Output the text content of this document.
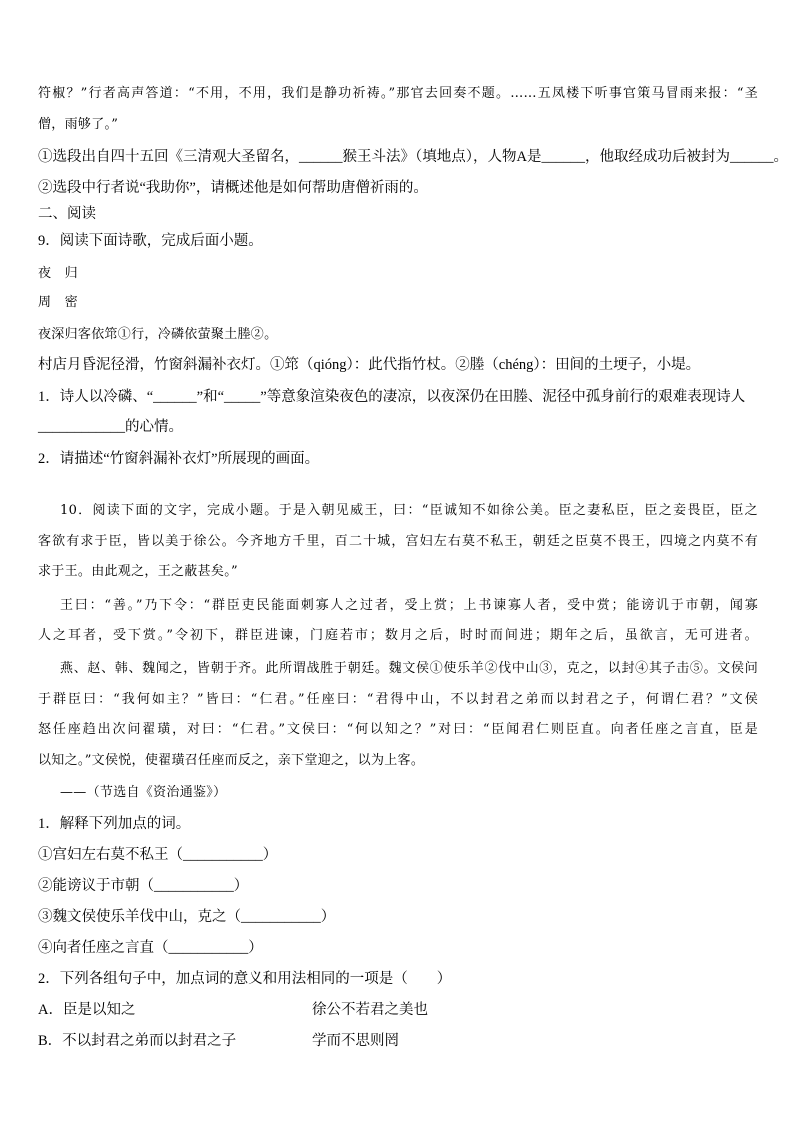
符椒？”行者高声答道：“不用，不用，我们是静功祈祷。”那官去回奏不题。……五凤楼下听事官策马冒雨来报：“圣
僧，雨够了。”
①选段出自四十五回《三清观大圣留名，______猴王斗法》（填地点），人物A是______，他取经成功后被封为______。
②选段中行者说“我助你”，请概述他是如何帮助唐僧祈雨的。
二、阅读
9．阅读下面诗歌，完成后面小题。
夜　归
周　密
夜深归客依筇①行，冷磷依萤聚土塍②。
村店月昏泥径滑，竹窗斜漏补衣灯。①筇（qióng）：此代指竹杖。②塍（chéng）：田间的土埂子，小堤。
1．诗人以冷磷、“______”和“_____”等意象渲染夜色的凄凉，以夜深仍在田塍、泥径中孤身前行的艰难表现诗人
____________的心情。
2．请描述“竹窗斜漏补衣灯”所展现的画面。
10．阅读下面的文字，完成小题。于是入朝见威王，曰：“臣诚知不如徐公美。臣之妻私臣，臣之妾畏臣，臣之
客欲有求于臣，皆以美于徐公。今齐地方千里，百二十城，宫妇左右莫不私王，朝廷之臣莫不畏王，四境之内莫不有
求于王。由此观之，王之蔽甚矣。”
王曰：“善。”乃下令：“群臣吏民能面刺寡人之过者，受上赏；上书谏寡人者，受中赏；能谤讥于市朝，闻寡
人之耳者，受下赏。”令初下，群臣进谏，门庭若市；数月之后，时时而间进；期年之后，虽欲言，无可进者。
燕、赵、韩、魏闻之，皆朝于齐。此所谓战胜于朝廷。魏文侯①使乐羊②伐中山③，克之，以封④其子击⑤。文侯问
于群臣曰：“我何如主？”皆曰：“仁君。”任座曰：“君得中山，不以封君之弟而以封君之子，何谓仁君？”文侯
怒任座趋出次问翟璜，对曰：“仁君。”文侯曰：“何以知之？”对曰：“臣闻君仁则臣直。向者任座之言直，臣是
以知之。”文侯悦，使翟璜召任座而反之，亲下堂迎之，以为上客。
——（节选自《资治通鉴》）
1．解释下列加点的词。
①宫妇左右莫不私王（___________）
②能谤议于市朝（___________）
③魏文侯使乐羊伐中山，克之（___________）
④向者任座之言直（___________）
2．下列各组句子中，加点词的意义和用法相同的一项是（　　）
A．臣是以知之	徐公不若君之美也
B．不以封君之弟而以封君之子	学而不思则罔
